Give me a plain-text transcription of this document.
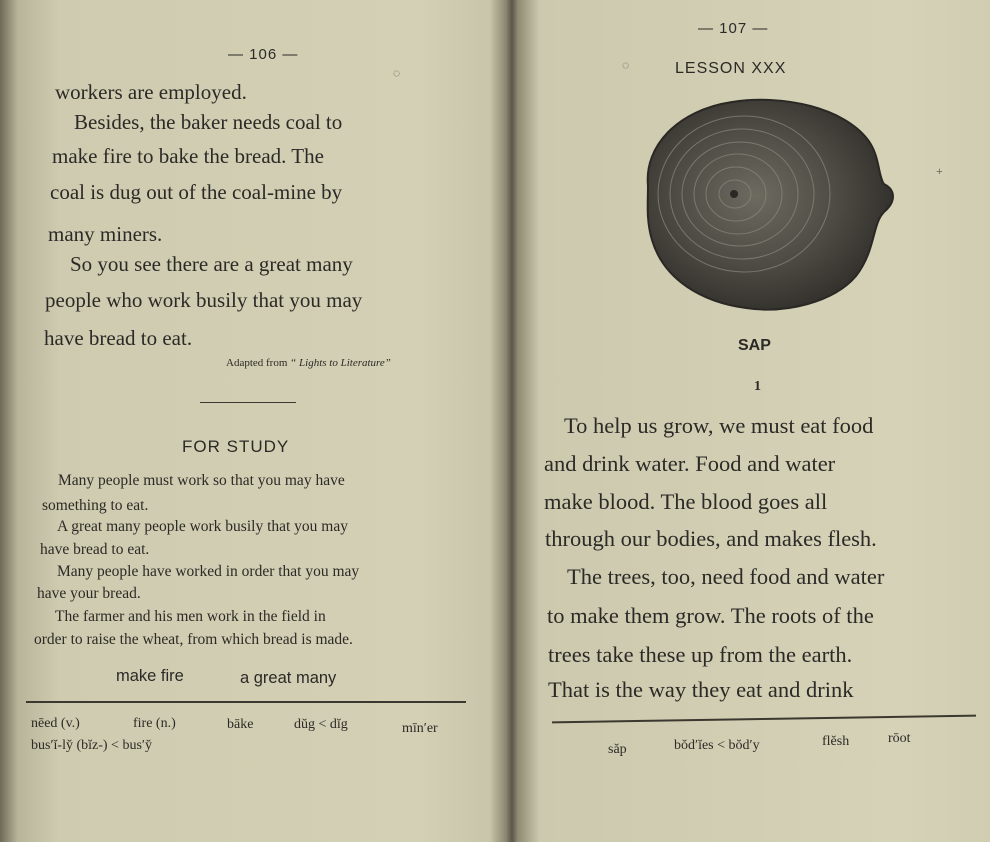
— 106 —
◌
workers are employed.
Besides, the baker needs coal to
make fire to bake the bread. The
coal is dug out of the coal-mine by
many miners.
So you see there are a great many
people who work busily that you may
have bread to eat.
Adapted from “ Lights to Literature”
FOR STUDY
Many people must work so that you may have
something to eat.
A great many people work busily that you may
have bread to eat.
Many people have worked in order that you may
have your bread.
The farmer and his men work in the field in
order to raise the wheat, from which bread is made.
make fire	a great many
nēed (v.)	fire (n.)	bāke	dŭg < dĭg	mīn′er
bus′ĭ-ly̆ (bĭz-) < bus′y̆
— 107 —
◌	LESSON XXX
+
SAP
1
To help us grow, we must eat food
and drink water. Food and water
make blood. The blood goes all
through our bodies, and makes flesh.
The trees, too, need food and water
to make them grow. The roots of the
trees take these up from the earth.
That is the way they eat and drink
săp	bŏd′ĭes < bŏd′y	flĕsh	rōot
